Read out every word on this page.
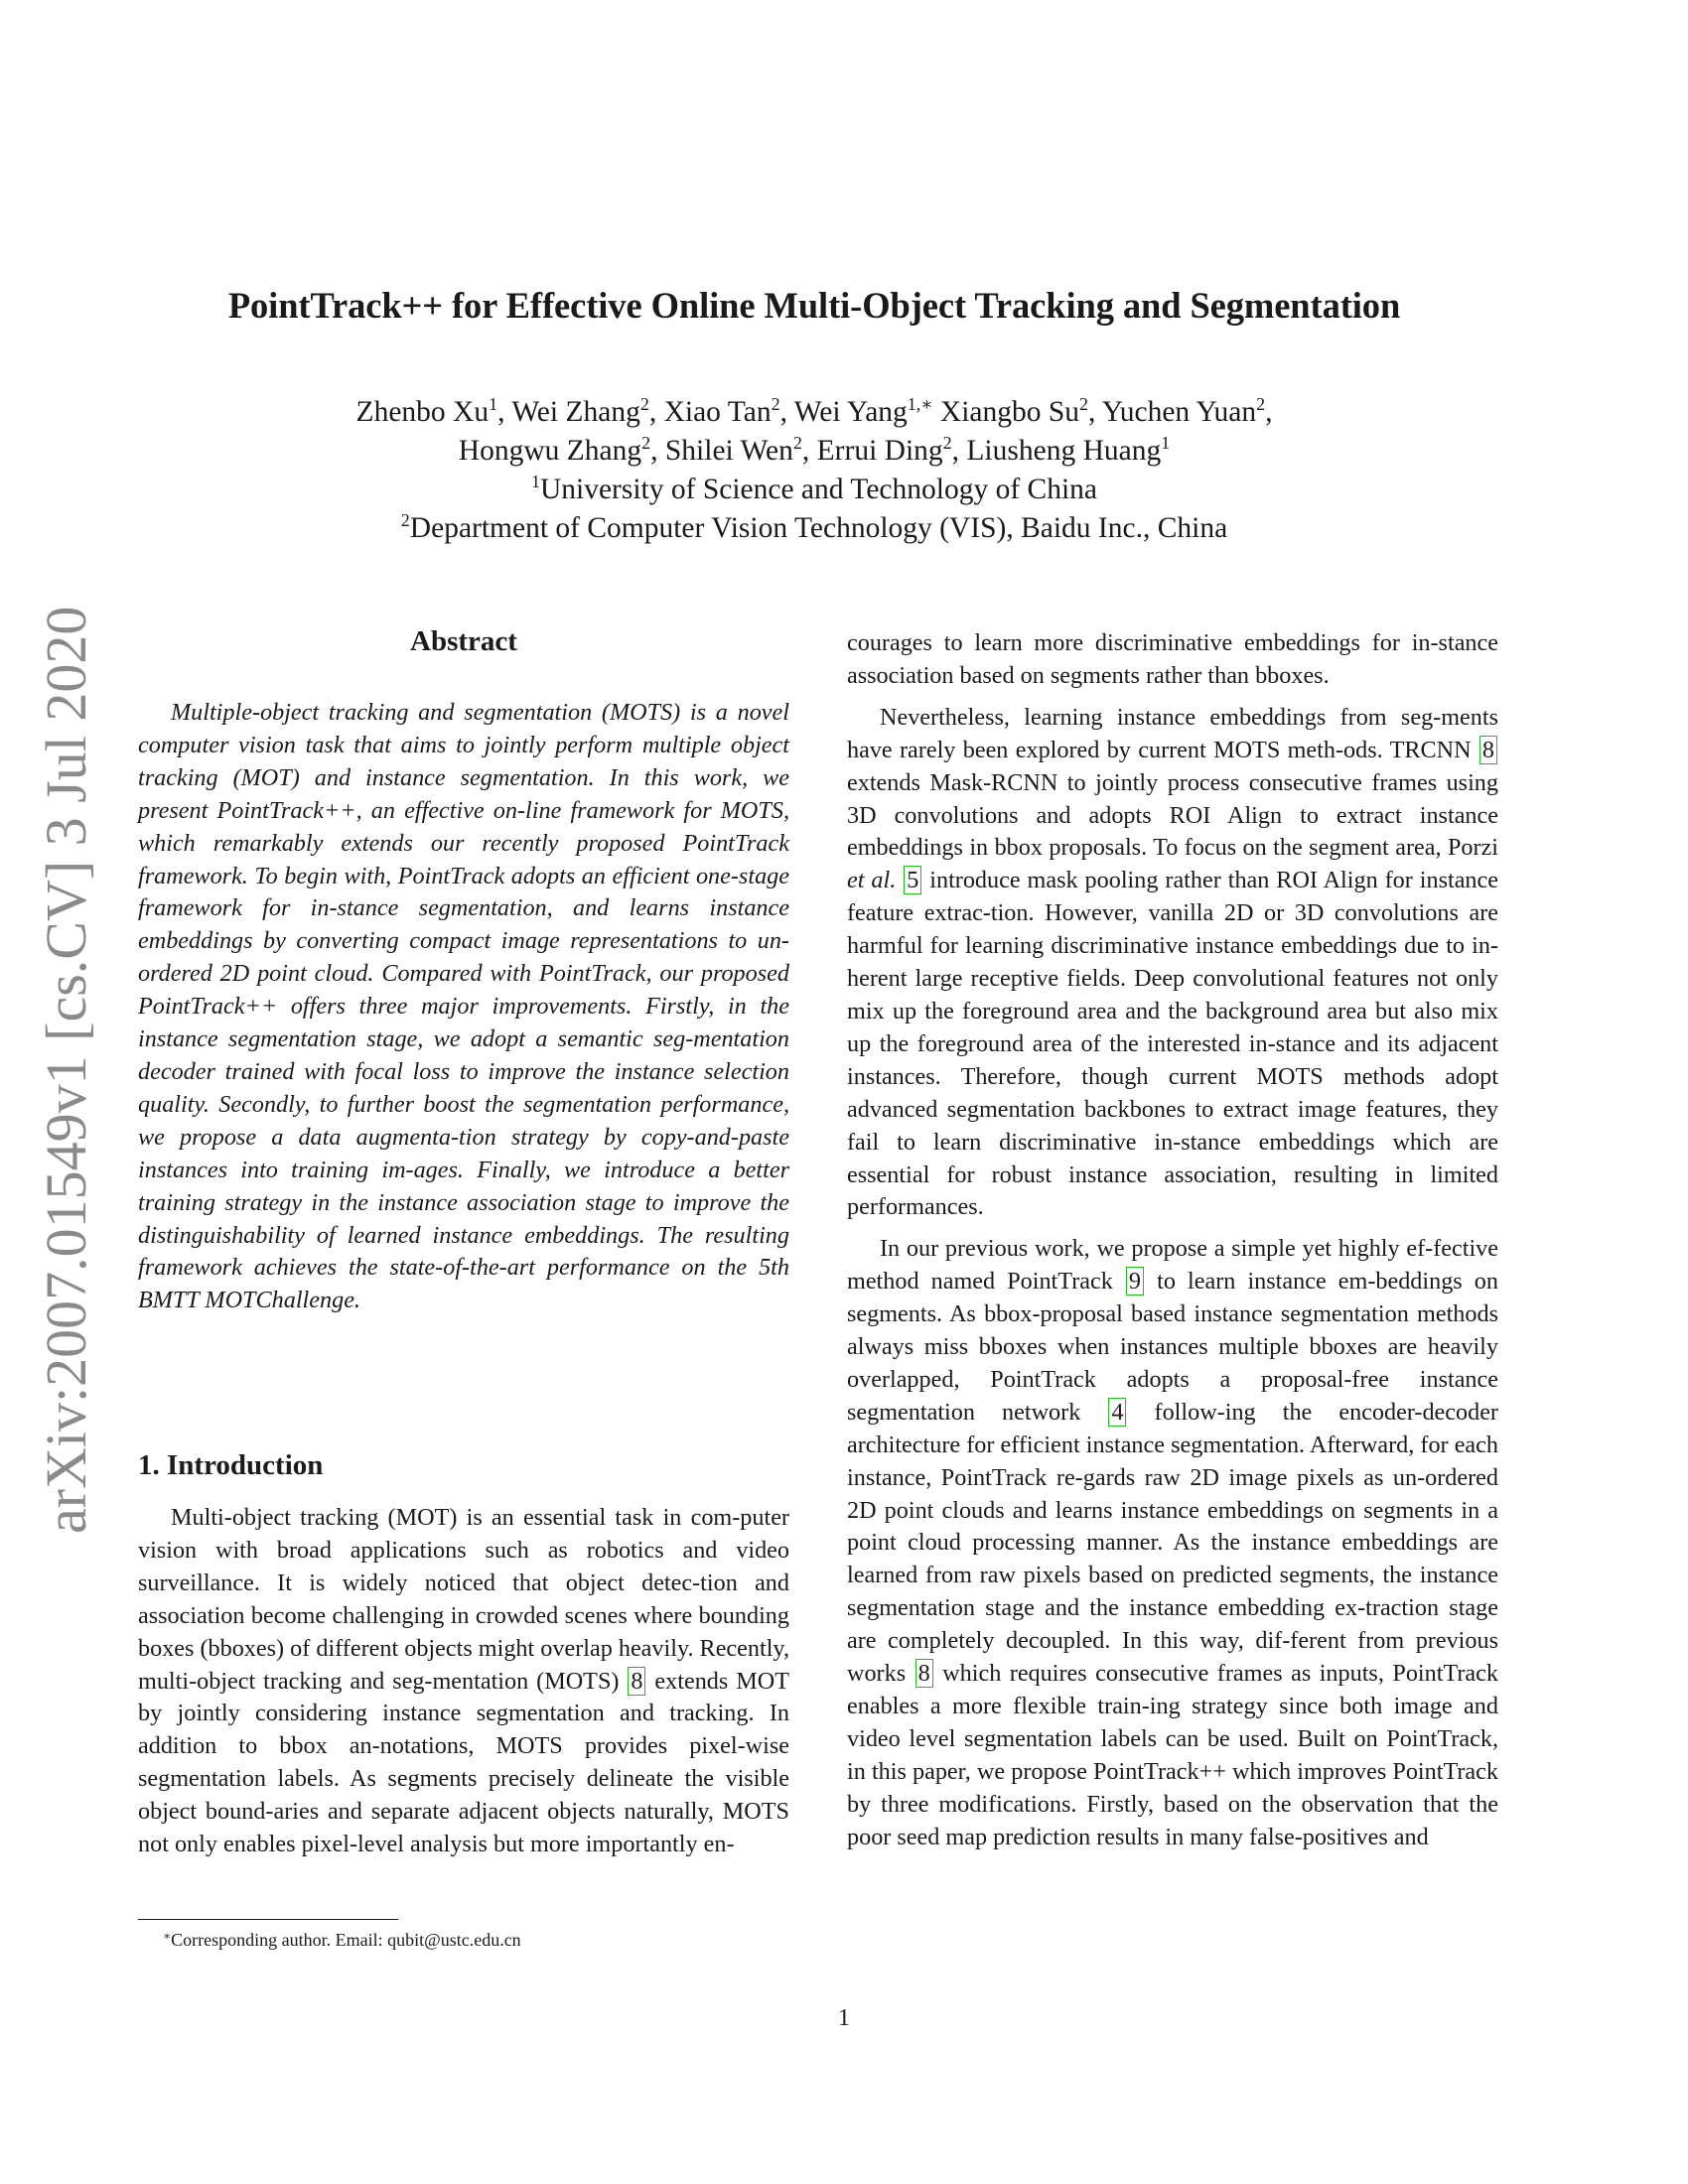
arXiv:2007.01549v1 [cs.CV] 3 Jul 2020
PointTrack++ for Effective Online Multi-Object Tracking and Segmentation
Zhenbo Xu$^1$, Wei Zhang$^2$, Xiao Tan$^2$, Wei Yang$^{1,∗}$ Xiangbo Su$^2$, Yuchen Yuan$^2$,
Hongwu Zhang$^2$, Shilei Wen$^2$, Errui Ding$^2$, Liusheng Huang$^1$
$^1$University of Science and Technology of China
$^2$Department of Computer Vision Technology (VIS), Baidu Inc., China
Abstract

Multiple-object tracking and segmentation (MOTS) is a novel computer vision task that aims to jointly perform multiple object tracking (MOT) and instance segmentation. In this work, we present PointTrack++, an effective on-line framework for MOTS, which remarkably extends our recently proposed PointTrack framework. To begin with, PointTrack adopts an efficient one-stage framework for in-stance segmentation, and learns instance embeddings by converting compact image representations to un-ordered 2D point cloud. Compared with PointTrack, our proposed PointTrack++ offers three major improvements. Firstly, in the instance segmentation stage, we adopt a semantic seg-mentation decoder trained with focal loss to improve the instance selection quality. Secondly, to further boost the segmentation performance, we propose a data augmenta-tion strategy by copy-and-paste instances into training im-ages. Finally, we introduce a better training strategy in the instance association stage to improve the distinguishability of learned instance embeddings. The resulting framework achieves the state-of-the-art performance on the 5th BMTT MOTChallenge.

1. Introduction

Multi-object tracking (MOT) is an essential task in com-puter vision with broad applications such as robotics and video surveillance. It is widely noticed that object detec-tion and association become challenging in crowded scenes where bounding boxes (bboxes) of different objects might overlap heavily. Recently, multi-object tracking and seg-mentation (MOTS) 8 extends MOT by jointly considering instance segmentation and tracking. In addition to bbox an-notations, MOTS provides pixel-wise segmentation labels. As segments precisely delineate the visible object bound-aries and separate adjacent objects naturally, MOTS not only enables pixel-level analysis but more importantly en-

∗Corresponding author. Email: qubit@ustc.edu.cn

courages to learn more discriminative embeddings for in-stance association based on segments rather than bboxes.

Nevertheless, learning instance embeddings from seg-ments have rarely been explored by current MOTS meth-ods. TRCNN 8 extends Mask-RCNN to jointly process consecutive frames using 3D convolutions and adopts ROI Align to extract instance embeddings in bbox proposals. To focus on the segment area, Porzi et al. 5 introduce mask pooling rather than ROI Align for instance feature extrac-tion. However, vanilla 2D or 3D convolutions are harmful for learning discriminative instance embeddings due to in-herent large receptive fields. Deep convolutional features not only mix up the foreground area and the background area but also mix up the foreground area of the interested in-stance and its adjacent instances. Therefore, though current MOTS methods adopt advanced segmentation backbones to extract image features, they fail to learn discriminative in-stance embeddings which are essential for robust instance association, resulting in limited performances.

In our previous work, we propose a simple yet highly ef-fective method named PointTrack 9 to learn instance em-beddings on segments. As bbox-proposal based instance segmentation methods always miss bboxes when instances multiple bboxes are heavily overlapped, PointTrack adopts a proposal-free instance segmentation network 4 follow-ing the encoder-decoder architecture for efficient instance segmentation. Afterward, for each instance, PointTrack re-gards raw 2D image pixels as un-ordered 2D point clouds and learns instance embeddings on segments in a point cloud processing manner. As the instance embeddings are learned from raw pixels based on predicted segments, the instance segmentation stage and the instance embedding ex-traction stage are completely decoupled. In this way, dif-ferent from previous works 8 which requires consecutive frames as inputs, PointTrack enables a more flexible train-ing strategy since both image and video level segmentation labels can be used. Built on PointTrack, in this paper, we propose PointTrack++ which improves PointTrack by three modifications. Firstly, based on the observation that the poor seed map prediction results in many false-positives and

1
